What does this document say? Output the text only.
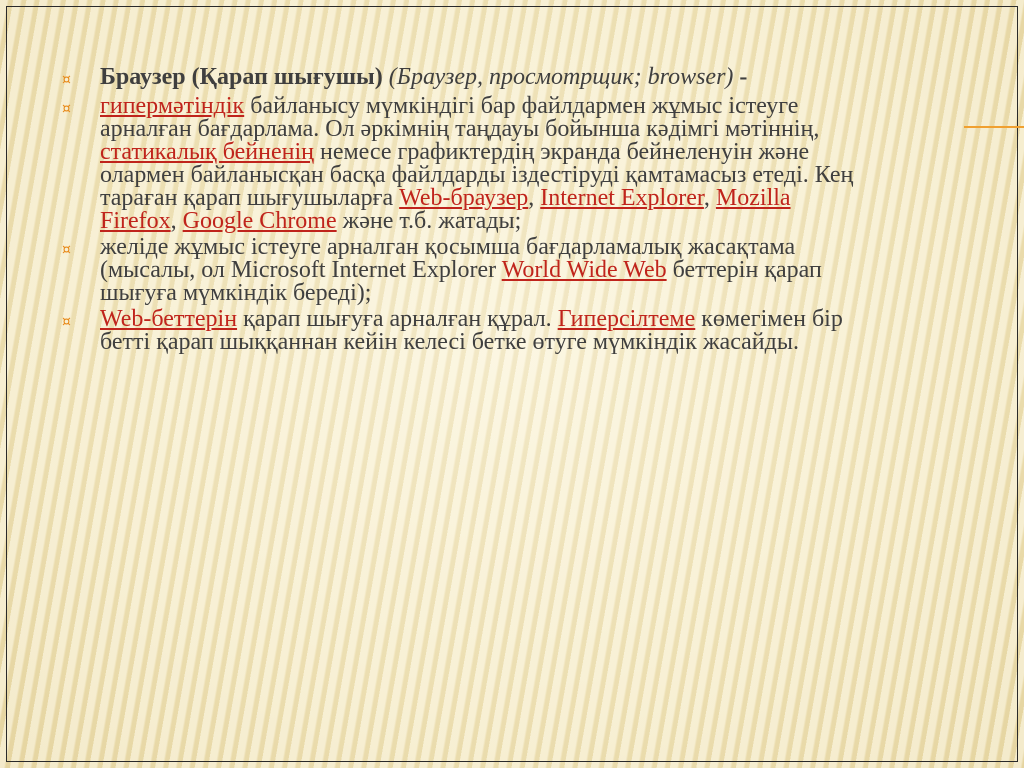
¤	Браузер (Қарап шығушы) (Браузер, просмотрщик; browser) -
¤	гипермәтіндік байланысу мүмкіндігі бар файлдармен жұмыс істеуге арналған бағдарлама. Ол әркімнің таңдауы бойынша кәдімгі мәтіннің, статикалық бейненің немесе графиктердің экранда бейнеленуін және олармен байланысқан басқа файлдарды іздестіруді қамтамасыз етеді. Кең тараған қарап шығушыларға Web-браузер, Internet Explorer, Mozilla Firefox, Google Chrome және т.б. жатады;
¤	желіде жұмыс істеуге арналган қосымша бағдарламалық жасақтама (мысалы, ол Microsoft Internet Explorer World Wide Web беттерін қарап шығуға мүмкіндік береді);
¤	Web-беттерін қарап шығуға арналған құрал. Гиперсілтеме көмегімен бір бетті қарап шыққаннан кейін келесі бетке өтуге мүмкіндік жасайды.
